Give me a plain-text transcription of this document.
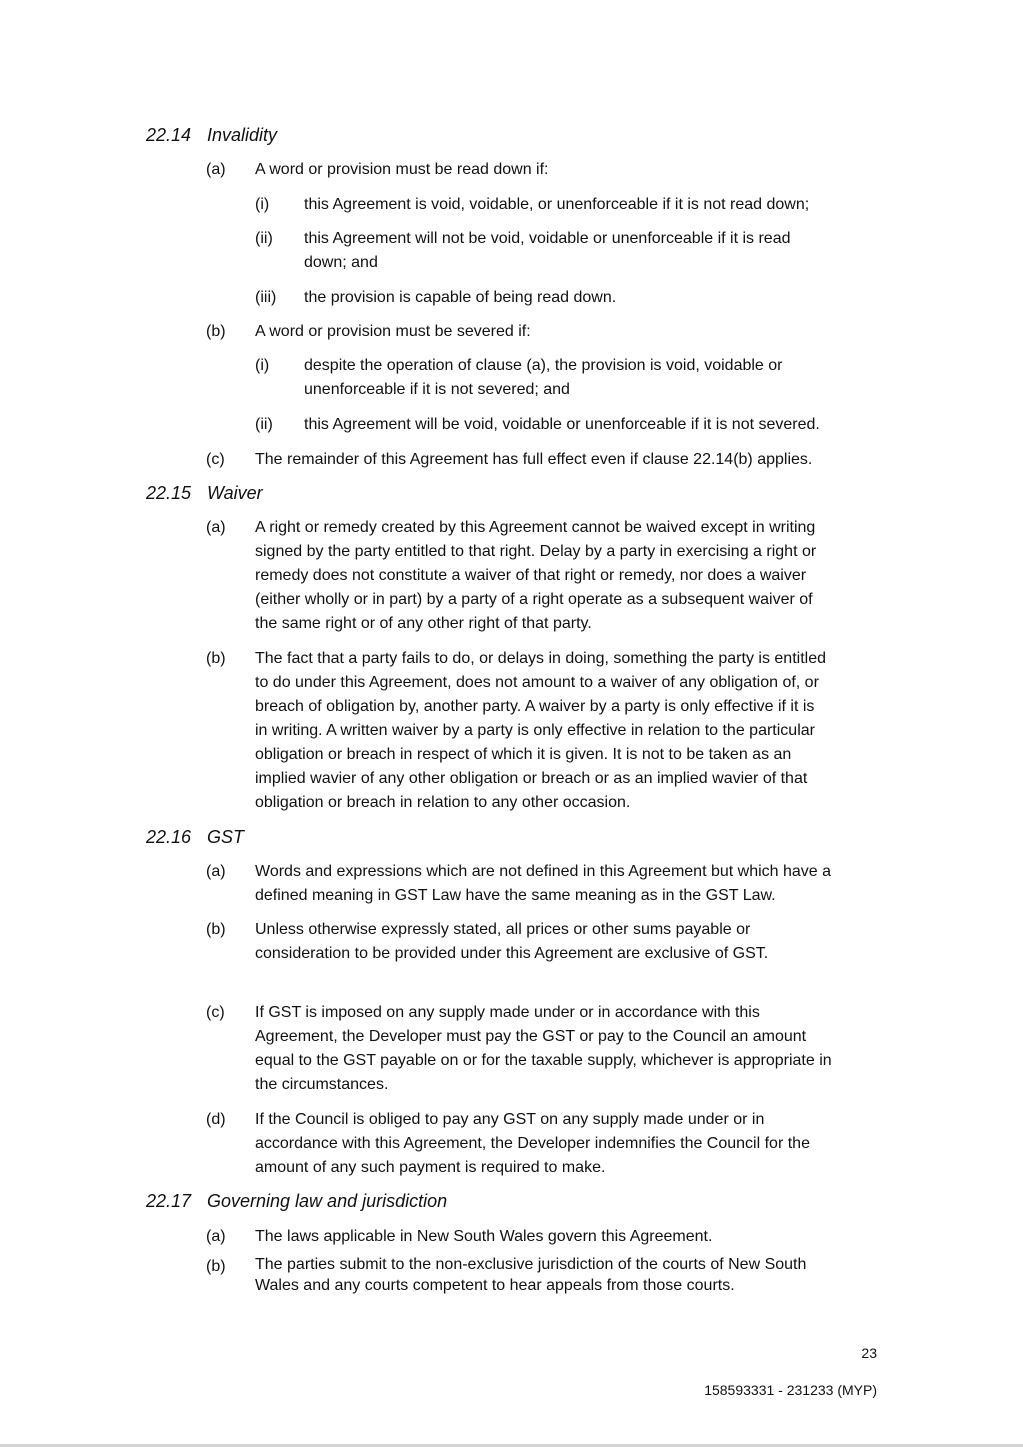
22.14 Invalidity
(a) A word or provision must be read down if:
(i) this Agreement is void, voidable, or unenforceable if it is not read down;
(ii) this Agreement will not be void, voidable or unenforceable if it is read
down; and
(iii) the provision is capable of being read down.
(b) A word or provision must be severed if:
(i) despite the operation of clause (a), the provision is void, voidable or
unenforceable if it is not severed; and
(ii) this Agreement will be void, voidable or unenforceable if it is not severed.
(c) The remainder of this Agreement has full effect even if clause 22.14(b) applies.
22.15 Waiver
(a) A right or remedy created by this Agreement cannot be waived except in writing
signed by the party entitled to that right. Delay by a party in exercising a right or
remedy does not constitute a waiver of that right or remedy, nor does a waiver
(either wholly or in part) by a party of a right operate as a subsequent waiver of
the same right or of any other right of that party.
(b) The fact that a party fails to do, or delays in doing, something the party is entitled
to do under this Agreement, does not amount to a waiver of any obligation of, or
breach of obligation by, another party. A waiver by a party is only effective if it is
in writing. A written waiver by a party is only effective in relation to the particular
obligation or breach in respect of which it is given. It is not to be taken as an
implied wavier of any other obligation or breach or as an implied wavier of that
obligation or breach in relation to any other occasion.
22.16 GST
(a) Words and expressions which are not defined in this Agreement but which have a
defined meaning in GST Law have the same meaning as in the GST Law.
(b) Unless otherwise expressly stated, all prices or other sums payable or
consideration to be provided under this Agreement are exclusive of GST.
(c) If GST is imposed on any supply made under or in accordance with this
Agreement, the Developer must pay the GST or pay to the Council an amount
equal to the GST payable on or for the taxable supply, whichever is appropriate in
the circumstances.
(d) If the Council is obliged to pay any GST on any supply made under or in
accordance with this Agreement, the Developer indemnifies the Council for the
amount of any such payment is required to make.
22.17 Governing law and jurisdiction
(a) The laws applicable in New South Wales govern this Agreement.
(b) The parties submit to the non-exclusive jurisdiction of the courts of New South
Wales and any courts competent to hear appeals from those courts.
23
158593331 - 231233 (MYP)
